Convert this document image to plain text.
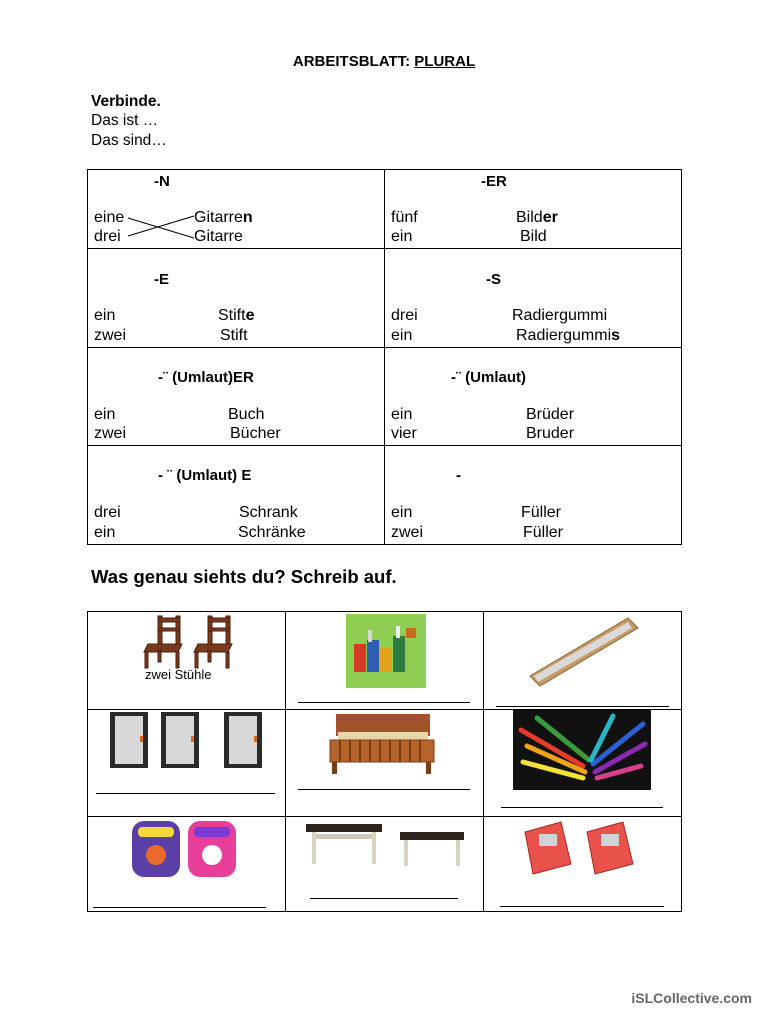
ARBEITSBLATT: PLURAL
Verbinde.
Das ist …
Das sind…
-N
eine	Gitarren
drei	Gitarre
-ER
fünf	Bilder
ein	Bild
-E
ein	Stifte
zwei	Stift
-S
drei	Radiergummi
ein	Radiergummis
-¨ (Umlaut)ER
ein	Buch
zwei	Bücher
-¨ (Umlaut)
ein	Brüder
vier	Bruder
- ¨ (Umlaut) E
drei	Schrank
ein	Schränke
-
ein	Füller
zwei	Füller
Was genau siehts du? Schreib auf.
zwei Stühle
iSLCollective.com
